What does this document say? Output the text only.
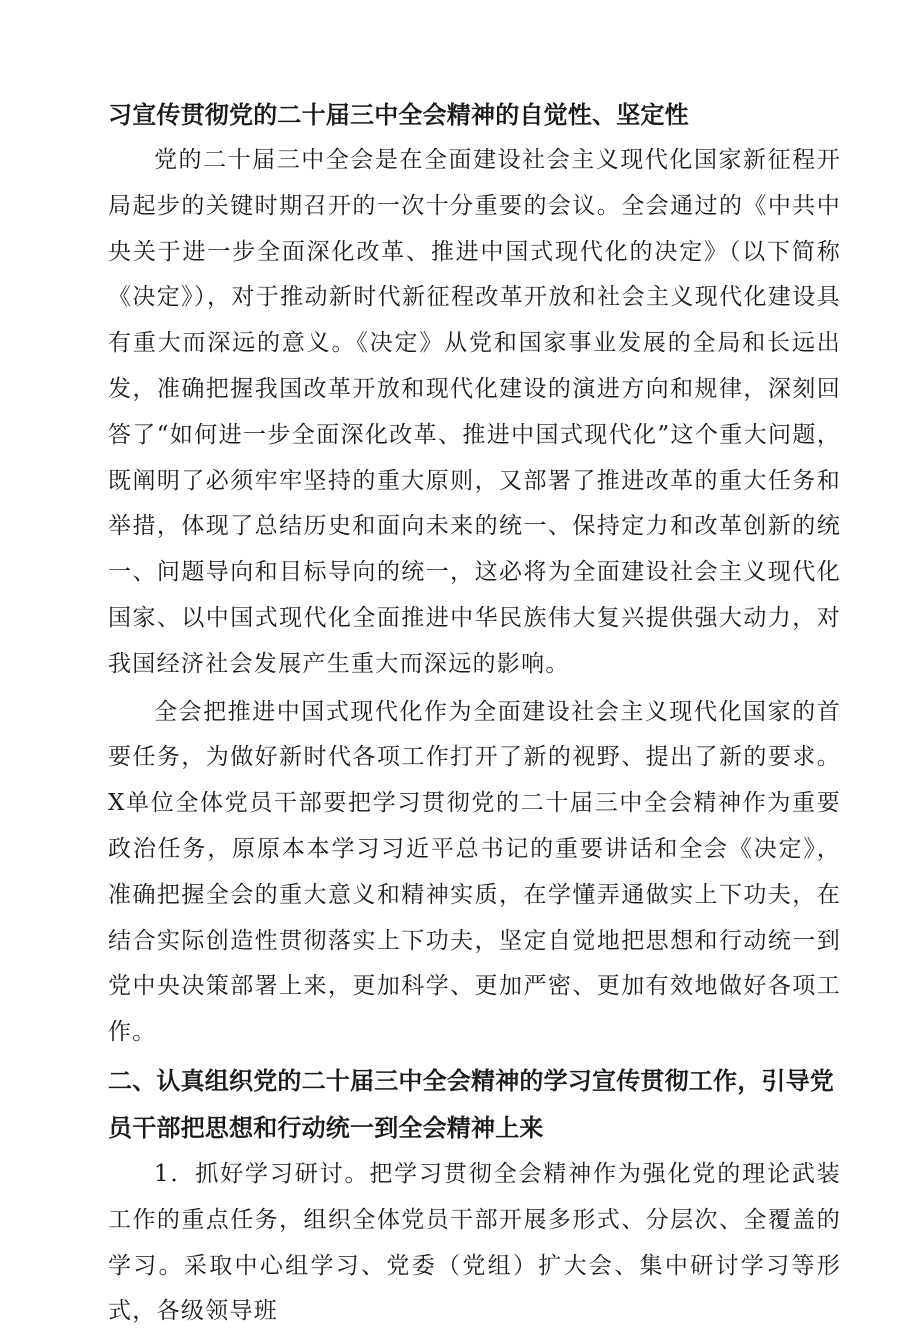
习宣传贯彻党的二十届三中全会精神的自觉性、坚定性

党的二十届三中全会是在全面建设社会主义现代化国家新征程开局起步的关键时期召开的一次十分重要的会议。全会通过的《中共中央关于进一步全面深化改革、推进中国式现代化的决定》（以下简称《决定》），对于推动新时代新征程改革开放和社会主义现代化建设具有重大而深远的意义。《决定》从党和国家事业发展的全局和长远出发，准确把握我国改革开放和现代化建设的演进方向和规律，深刻回答了“如何进一步全面深化改革、推进中国式现代化”这个重大问题，既阐明了必须牢牢坚持的重大原则，又部署了推进改革的重大任务和举措，体现了总结历史和面向未来的统一、保持定力和改革创新的统一、问题导向和目标导向的统一，这必将为全面建设社会主义现代化国家、以中国式现代化全面推进中华民族伟大复兴提供强大动力，对我国经济社会发展产生重大而深远的影响。

全会把推进中国式现代化作为全面建设社会主义现代化国家的首要任务，为做好新时代各项工作打开了新的视野、提出了新的要求。X单位全体党员干部要把学习贯彻党的二十届三中全会精神作为重要政治任务，原原本本学习习近平总书记的重要讲话和全会《决定》，准确把握全会的重大意义和精神实质，在学懂弄通做实上下功夫，在结合实际创造性贯彻落实上下功夫，坚定自觉地把思想和行动统一到党中央决策部署上来，更加科学、更加严密、更加有效地做好各项工作。

二、认真组织党的二十届三中全会精神的学习宣传贯彻工作，引导党员干部把思想和行动统一到全会精神上来

1．抓好学习研讨。把学习贯彻全会精神作为强化党的理论武装工作的重点任务，组织全体党员干部开展多形式、分层次、全覆盖的学习。采取中心组学习、党委（党组）扩大会、集中研讨学习等形式，各级领导班
